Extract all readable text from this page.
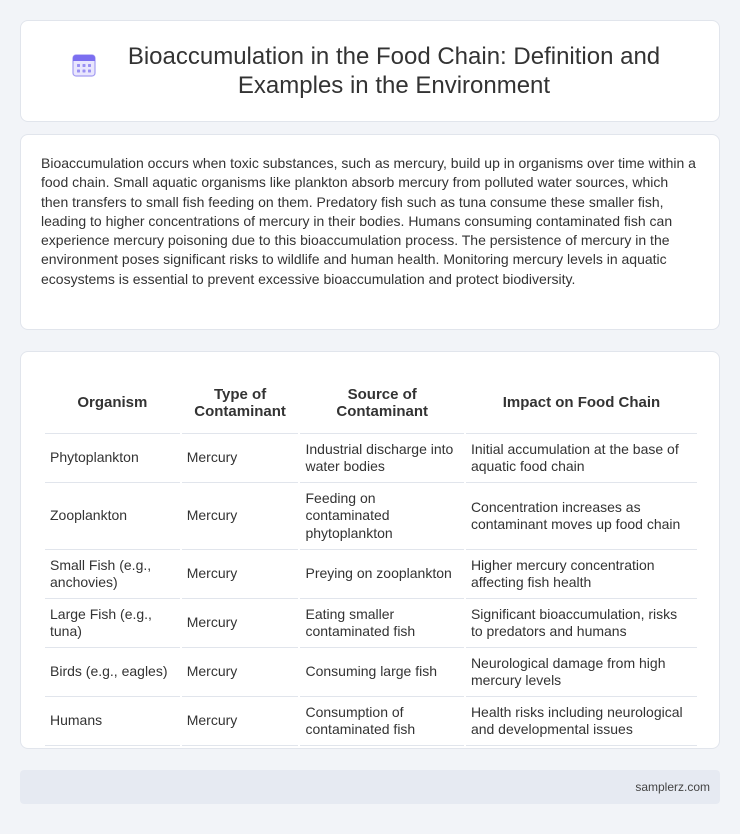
Bioaccumulation in the Food Chain: Definition and Examples in the Environment

Bioaccumulation occurs when toxic substances, such as mercury, build up in organisms over time within a food chain. Small aquatic organisms like plankton absorb mercury from polluted water sources, which then transfers to small fish feeding on them. Predatory fish such as tuna consume these smaller fish, leading to higher concentrations of mercury in their bodies. Humans consuming contaminated fish can experience mercury poisoning due to this bioaccumulation process. The persistence of mercury in the environment poses significant risks to wildlife and human health. Monitoring mercury levels in aquatic ecosystems is essential to prevent excessive bioaccumulation and protect biodiversity.

Organism	Type of Contaminant	Source of Contaminant	Impact on Food Chain
Phytoplankton	Mercury	Industrial discharge into water bodies	Initial accumulation at the base of aquatic food chain
Zooplankton	Mercury	Feeding on contaminated phytoplankton	Concentration increases as contaminant moves up food chain
Small Fish (e.g., anchovies)	Mercury	Preying on zooplankton	Higher mercury concentration affecting fish health
Large Fish (e.g., tuna)	Mercury	Eating smaller contaminated fish	Significant bioaccumulation, risks to predators and humans
Birds (e.g., eagles)	Mercury	Consuming large fish	Neurological damage from high mercury levels
Humans	Mercury	Consumption of contaminated fish	Health risks including neurological and developmental issues
samplerz.com
